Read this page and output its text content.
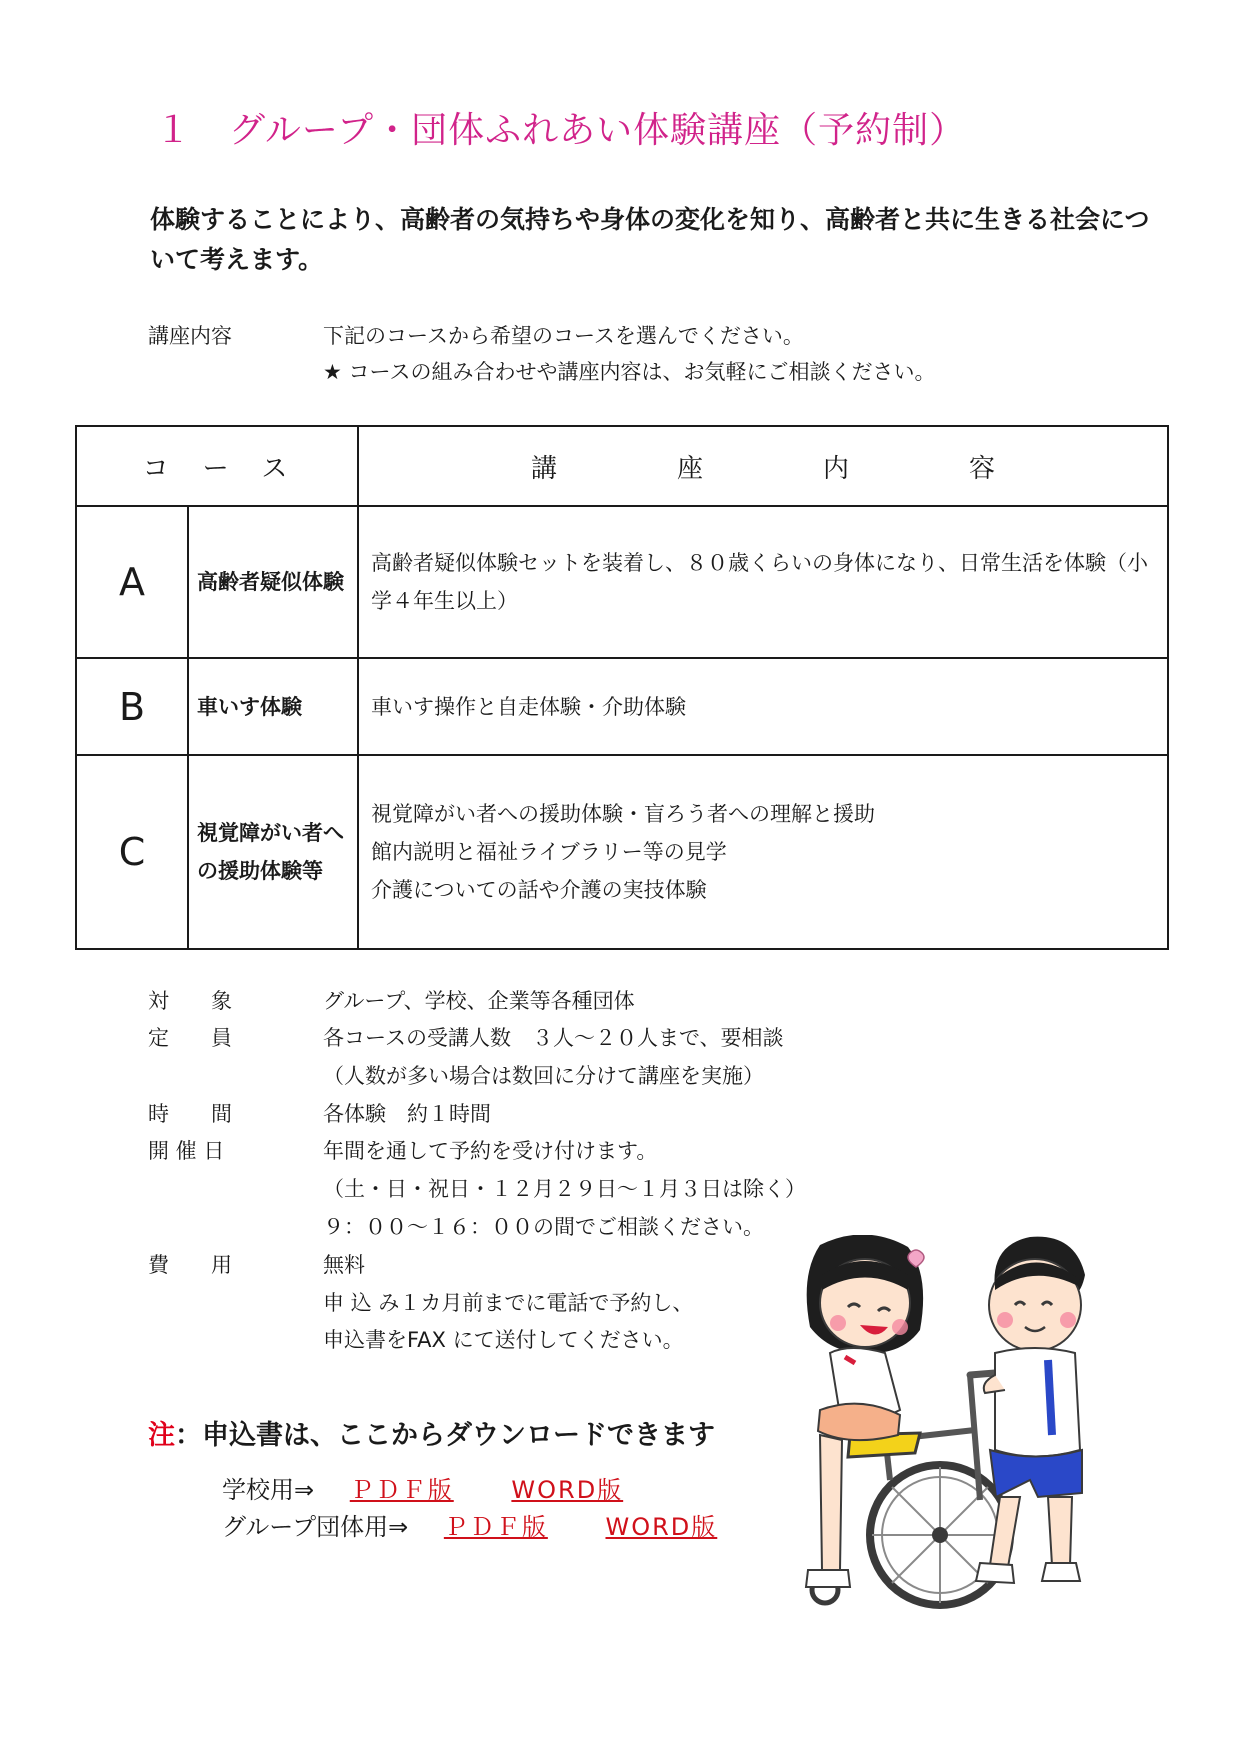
１　グループ・団体ふれあい体験講座（予約制）
体験することにより、高齢者の気持ちや身体の変化を知り、高齢者と共に生きる社会について考えます。
講座内容	下記のコースから希望のコースを選んでください。
★ コースの組み合わせや講座内容は、お気軽にご相談ください。
コース		講 座 内 容
A	高齢者疑似体験	高齢者疑似体験セットを装着し、８０歳くらいの身体になり、日常生活を体験（小学４年生以上）
B	車いす体験	車いす操作と自走体験・介助体験
C	視覚障がい者への援助体験等	視覚障がい者への援助体験・盲ろう者への理解と援助
館内説明と福祉ライブラリー等の見学
介護についての話や介護の実技体験
対　　象	グループ、学校、企業等各種団体
定　　員	各コースの受講人数　３人～２０人まで、要相談
（人数が多い場合は数回に分けて講座を実施）
時　　間	各体験　約１時間
開 催 日	年間を通して予約を受け付けます。
（土・日・祝日・１２月２９日～１月３日は除く）
９：００～１６：００の間でご相談ください。
費　　用	無料
申 込 み１カ月前までに電話で予約し、
申込書をFAX にて送付してください。
注：申込書は、ここからダウンロードできます
学校用⇒ ＰＤＦ版 WORD版
グループ団体用⇒ ＰＤＦ版 WORD版
